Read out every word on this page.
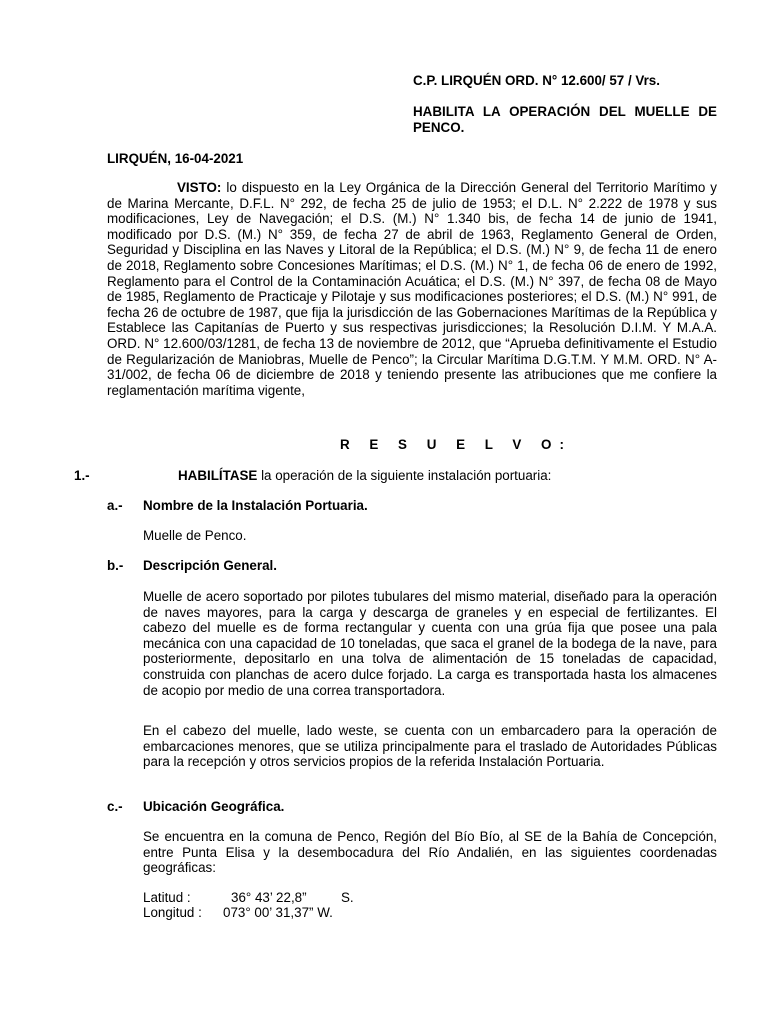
C.P. LIRQUÉN ORD. N° 12.600/ 57 / Vrs.
HABILITA LA OPERACIÓN DEL MUELLE DE PENCO.
LIRQUÉN, 16-04-2021

VISTO: lo dispuesto en la Ley Orgánica de la Dirección General del Territorio Marítimo y de Marina Mercante, D.F.L. N° 292, de fecha 25 de julio de 1953; el D.L. N° 2.222 de 1978 y sus modificaciones, Ley de Navegación; el D.S. (M.) N° 1.340 bis, de fecha 14 de junio de 1941, modificado por D.S. (M.) N° 359, de fecha 27 de abril de 1963, Reglamento General de Orden, Seguridad y Disciplina en las Naves y Litoral de la República; el D.S. (M.) N° 9, de fecha 11 de enero de 2018, Reglamento sobre Concesiones Marítimas; el D.S. (M.) N° 1, de fecha 06 de enero de 1992, Reglamento para el Control de la Contaminación Acuática; el D.S. (M.) N° 397, de fecha 08 de Mayo de 1985, Reglamento de Practicaje y Pilotaje y sus modificaciones posteriores; el D.S. (M.) N° 991, de fecha 26 de octubre de 1987, que fija la jurisdicción de las Gobernaciones Marítimas de la República y Establece las Capitanías de Puerto y sus respectivas jurisdicciones; la Resolución D.I.M. Y M.A.A. ORD. N° 12.600/03/1281, de fecha 13 de noviembre de 2012, que “Aprueba definitivamente el Estudio de Regularización de Maniobras, Muelle de Penco”; la Circular Marítima D.G.T.M. Y M.M. ORD. N° A-31/002, de fecha 06 de diciembre de 2018 y teniendo presente las atribuciones que me confiere la reglamentación marítima vigente,

R E S U E L V O:
1.-	HABILÍTASE la operación de la siguiente instalación portuaria:
a.- Nombre de la Instalación Portuaria.

Muelle de Penco.

b.- Descripción General.

Muelle de acero soportado por pilotes tubulares del mismo material, diseñado para la operación de naves mayores, para la carga y descarga de graneles y en especial de fertilizantes. El cabezo del muelle es de forma rectangular y cuenta con una grúa fija que posee una pala mecánica con una capacidad de 10 toneladas, que saca el granel de la bodega de la nave, para posteriormente, depositarlo en una tolva de alimentación de 15 toneladas de capacidad, construida con planchas de acero dulce forjado. La carga es transportada hasta los almacenes de acopio por medio de una correa transportadora.

En el cabezo del muelle, lado weste, se cuenta con un embarcadero para la operación de embarcaciones menores, que se utiliza principalmente para el traslado de Autoridades Públicas para la recepción y otros servicios propios de la referida Instalación Portuaria.

c.- Ubicación Geográfica.

Se encuentra en la comuna de Penco, Región del Bío Bío, al SE de la Bahía de Concepción, entre Punta Elisa y la desembocadura del Río Andalién, en las siguientes coordenadas geográficas:

Latitud :	36° 43’ 22,8”	S.
Longitud : 073° 00’ 31,37” W.
